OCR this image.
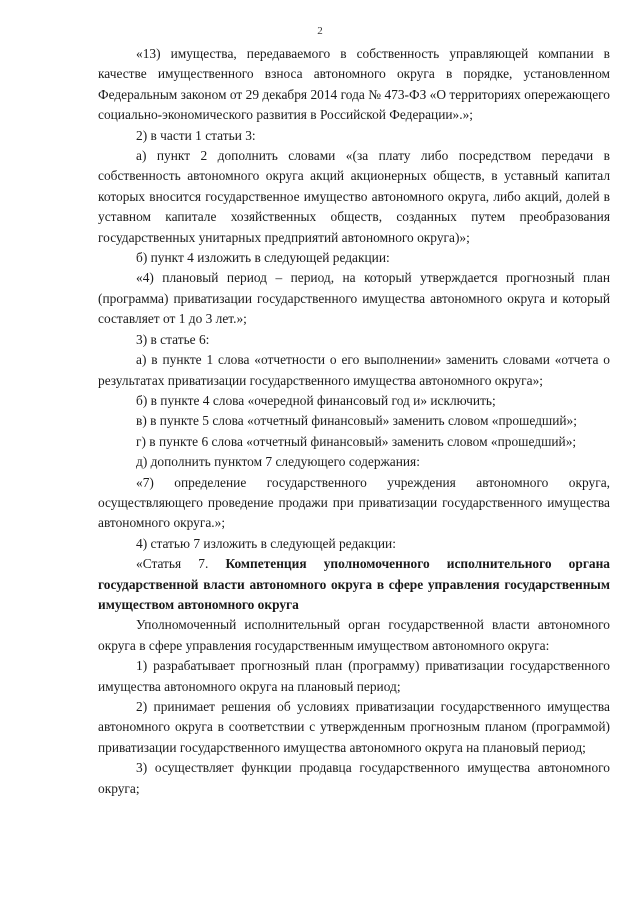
2

«13) имущества, передаваемого в собственность управляющей компании в качестве имущественного взноса автономного округа в порядке, установленном Федеральным законом от 29 декабря 2014 года № 473-ФЗ «О территориях опережающего социально-экономического развития в Российской Федерации».»;

2) в части 1 статьи 3:

а) пункт 2 дополнить словами «(за плату либо посредством передачи в собственность автономного округа акций акционерных обществ, в уставный капитал которых вносится государственное имущество автономного округа, либо акций, долей в уставном капитале хозяйственных обществ, созданных путем преобразования государственных унитарных предприятий автономного округа)»;

б) пункт 4 изложить в следующей редакции:

«4) плановый период – период, на который утверждается прогнозный план (программа) приватизации государственного имущества автономного округа и который составляет от 1 до 3 лет.»;

3) в статье 6:

а) в пункте 1 слова «отчетности о его выполнении» заменить словами «отчета о результатах приватизации государственного имущества автономного округа»;

б) в пункте 4 слова «очередной финансовый год и» исключить;

в) в пункте 5 слова «отчетный финансовый» заменить словом «прошедший»;

г) в пункте 6 слова «отчетный финансовый» заменить словом «прошедший»;

д) дополнить пунктом 7 следующего содержания:

«7) определение государственного учреждения автономного округа, осуществляющего проведение продажи при приватизации государственного имущества автономного округа.»;

4) статью 7 изложить в следующей редакции:

«Статья 7. Компетенция уполномоченного исполнительного органа государственной власти автономного округа в сфере управления государственным имуществом автономного округа

Уполномоченный исполнительный орган государственной власти автономного округа в сфере управления государственным имуществом автономного округа:

1) разрабатывает прогнозный план (программу) приватизации государственного имущества автономного округа на плановый период;

2) принимает решения об условиях приватизации государственного имущества автономного округа в соответствии с утвержденным прогнозным планом (программой) приватизации государственного имущества автономного округа на плановый период;

3) осуществляет функции продавца государственного имущества автономного округа;
